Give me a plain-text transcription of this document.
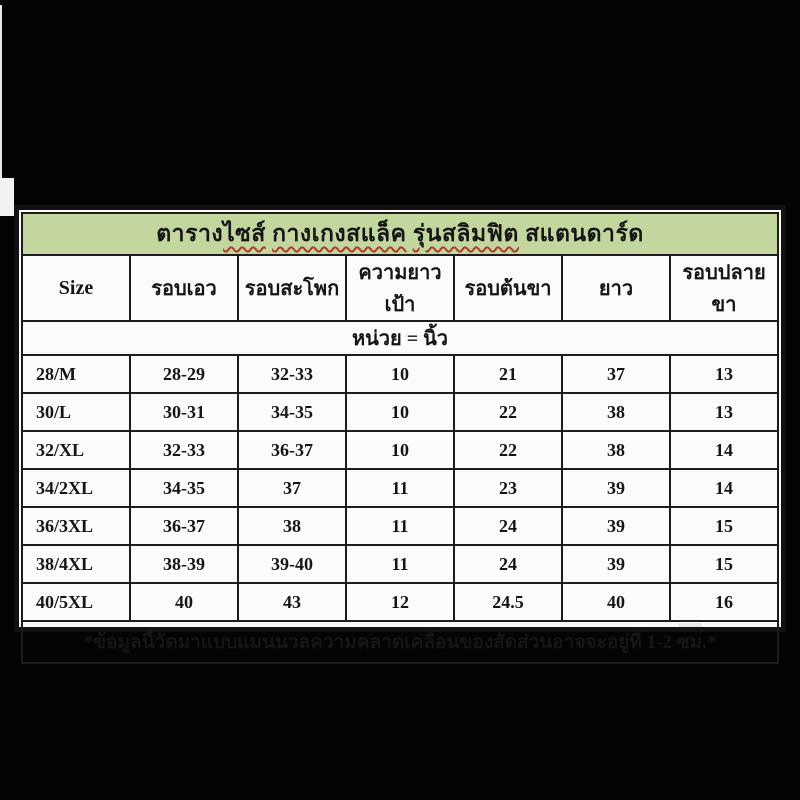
ตารางไซส์ กางเกงสแล็ค รุ่นสลิมฟิต สแตนดาร์ด						
Size	รอบเอว	รอบสะโพก	ความยาวเป้า	รอบต้นขา	ยาว	รอบปลายขา
หน่วย = นิ้ว						
28/M	28-29	32-33	10	21	37	13
30/L	30-31	34-35	10	22	38	13
32/XL	32-33	36-37	10	22	38	14
34/2XL	34-35	37	11	23	39	14
36/3XL	36-37	38	11	24	39	15
38/4XL	38-39	39-40	11	24	39	15
40/5XL	40	43	12	24.5	40	16
*ข้อมูลนี้วัดมาแบบแมนนวลความคลาดเคลื่อนของสัดส่วนอาจจะอยู่ที่ 1-2 ซม.*						
